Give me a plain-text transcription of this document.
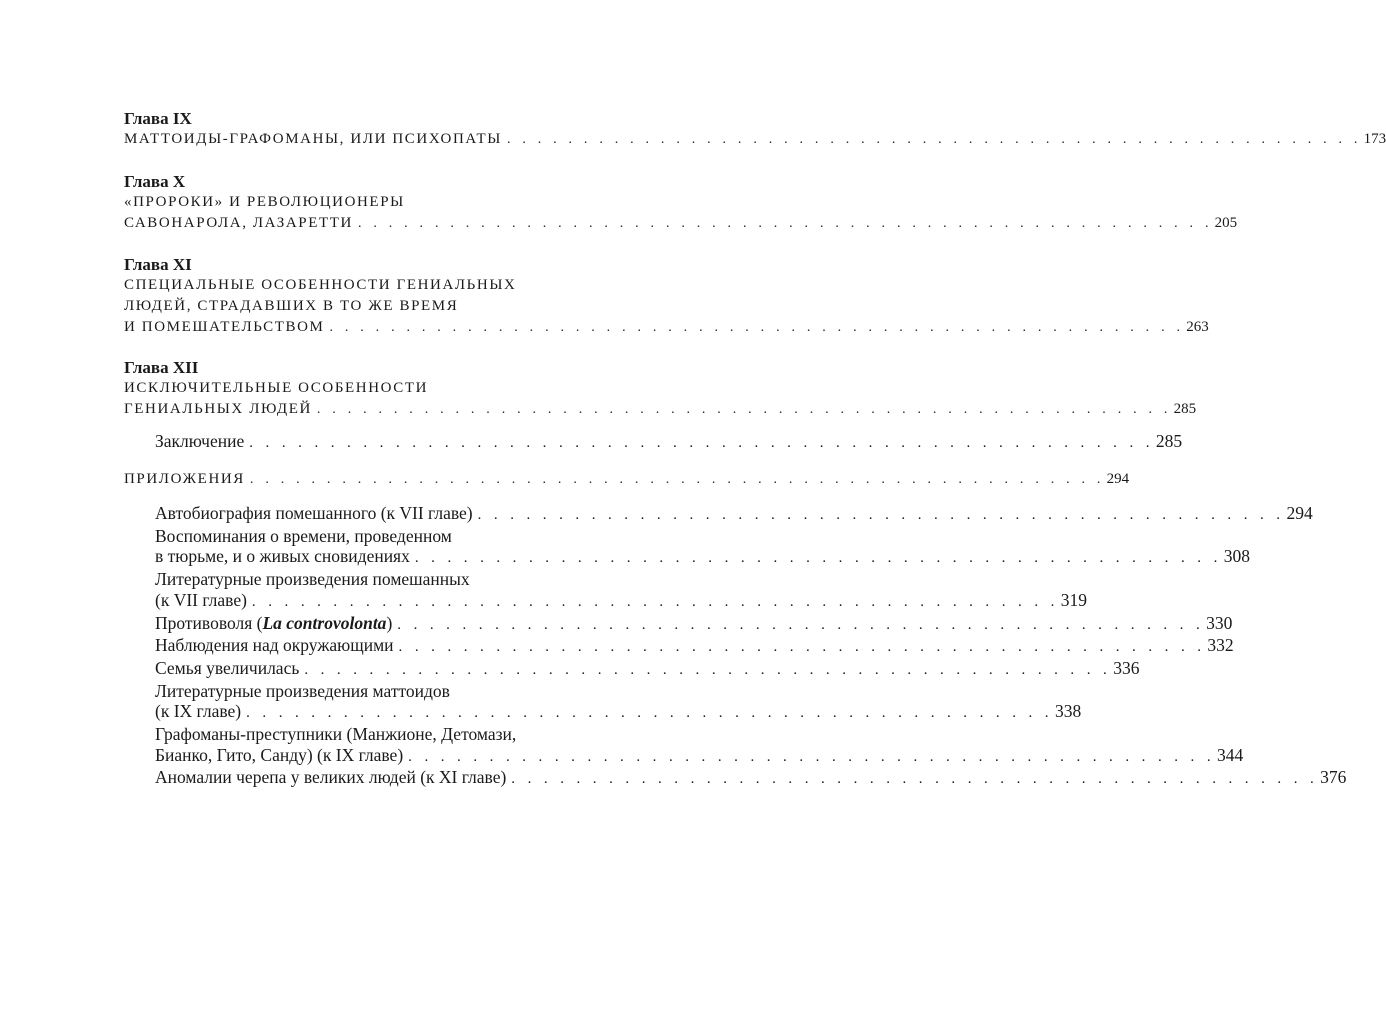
Глава IX
МАТТОИДЫ-ГРАФОМАНЫ, ИЛИ ПСИХОПАТЫ . . . . . . . . . . . . . . . . . . . . . . . . . . . . . . . . . . . . . . . . . . . . . . . . . . . . . . . . 173
Глава X
«ПРОРОКИ» И РЕВОЛЮЦИОНЕРЫ
САВОНАРОЛА, ЛАЗАРЕТТИ . . . . . . . . . . . . . . . . . . . . . . . . . . . . . . . . . . . . . . . . . . . . . . . . . . . . . . . . 205
Глава XI
СПЕЦИАЛЬНЫЕ ОСОБЕННОСТИ ГЕНИАЛЬНЫХ
ЛЮДЕЙ, СТРАДАВШИХ В ТО ЖЕ ВРЕМЯ
И ПОМЕШАТЕЛЬСТВОМ . . . . . . . . . . . . . . . . . . . . . . . . . . . . . . . . . . . . . . . . . . . . . . . . . . . . . . . . 263
Глава XII
ИСКЛЮЧИТЕЛЬНЫЕ ОСОБЕННОСТИ
ГЕНИАЛЬНЫХ ЛЮДЕЙ . . . . . . . . . . . . . . . . . . . . . . . . . . . . . . . . . . . . . . . . . . . . . . . . . . . . . . . . 285
Заключение . . . . . . . . . . . . . . . . . . . . . . . . . . . . . . . . . . . . . . . . . . . . . . . . . . . . . . . . 285
ПРИЛОЖЕНИЯ . . . . . . . . . . . . . . . . . . . . . . . . . . . . . . . . . . . . . . . . . . . . . . . . . . . . . . . . 294
Автобиография помешанного (к VII главе) . . . . . . . . . . . . . . . . . . . . . . . . . . . . . . . . . . . . . . . . . . . . . . . . . . 294
Воспоминания о времени, проведенном
в тюрьме, и о живых сновидениях . . . . . . . . . . . . . . . . . . . . . . . . . . . . . . . . . . . . . . . . . . . . . . . . . . 308
Литературные произведения помешанных
(к VII главе) . . . . . . . . . . . . . . . . . . . . . . . . . . . . . . . . . . . . . . . . . . . . . . . . . . 319
Противоволя (La controvolonta) . . . . . . . . . . . . . . . . . . . . . . . . . . . . . . . . . . . . . . . . . . . . . . . . . . 330
Наблюдения над окружающими . . . . . . . . . . . . . . . . . . . . . . . . . . . . . . . . . . . . . . . . . . . . . . . . . . 332
Семья увеличилась . . . . . . . . . . . . . . . . . . . . . . . . . . . . . . . . . . . . . . . . . . . . . . . . . . 336
Литературные произведения маттоидов
(к IX главе) . . . . . . . . . . . . . . . . . . . . . . . . . . . . . . . . . . . . . . . . . . . . . . . . . . 338
Графоманы-преступники (Манжионе, Детомази,
Бианко, Гито, Санду) (к IX главе) . . . . . . . . . . . . . . . . . . . . . . . . . . . . . . . . . . . . . . . . . . . . . . . . . . 344
Аномалии черепа у великих людей (к XI главе) . . . . . . . . . . . . . . . . . . . . . . . . . . . . . . . . . . . . . . . . . . . . . . . . . . 376
